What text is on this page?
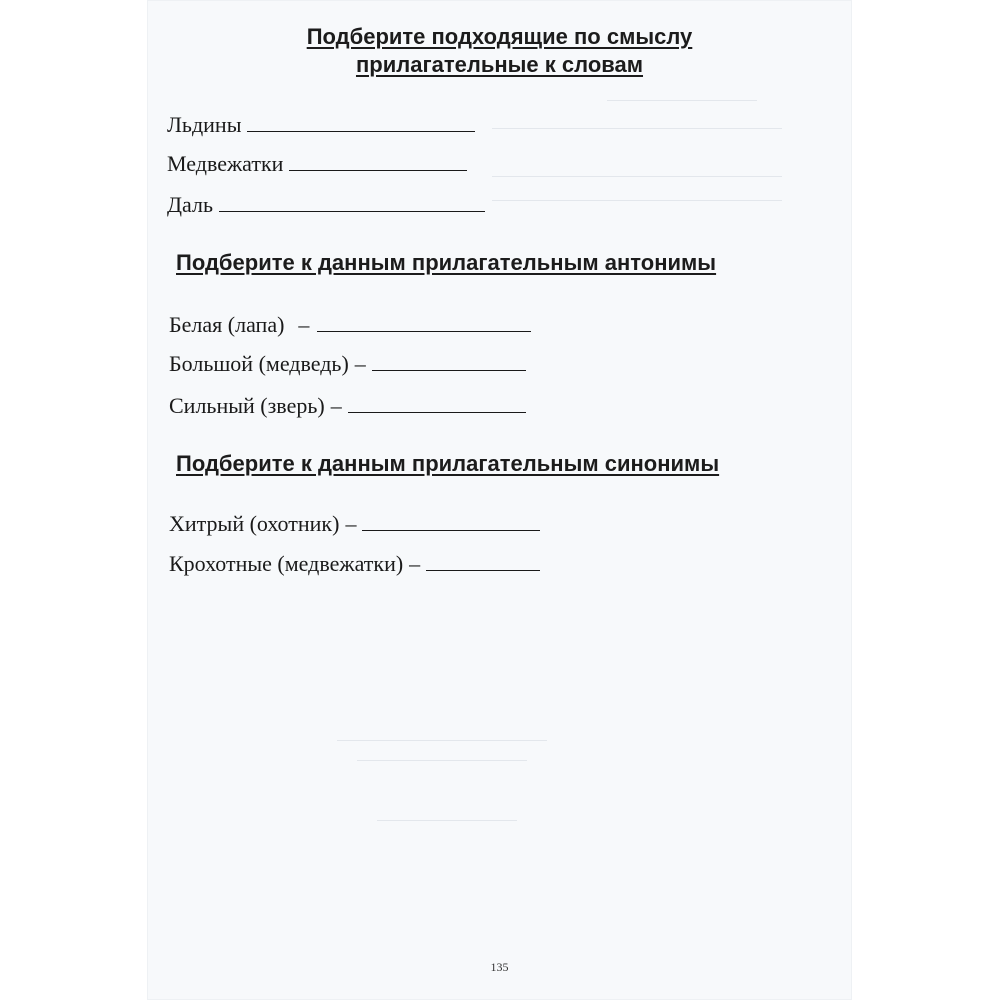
Подберите подходящие по смыслу

прилагательные к словам

Льдины
Медвежатки
Даль

Подберите к данным прилагательным антонимы

Белая (лапа) –
Большой (медведь) –
Сильный (зверь) –

Подберите к данным прилагательным синонимы

Хитрый (охотник) –
Крохотные (медвежатки) –
135
